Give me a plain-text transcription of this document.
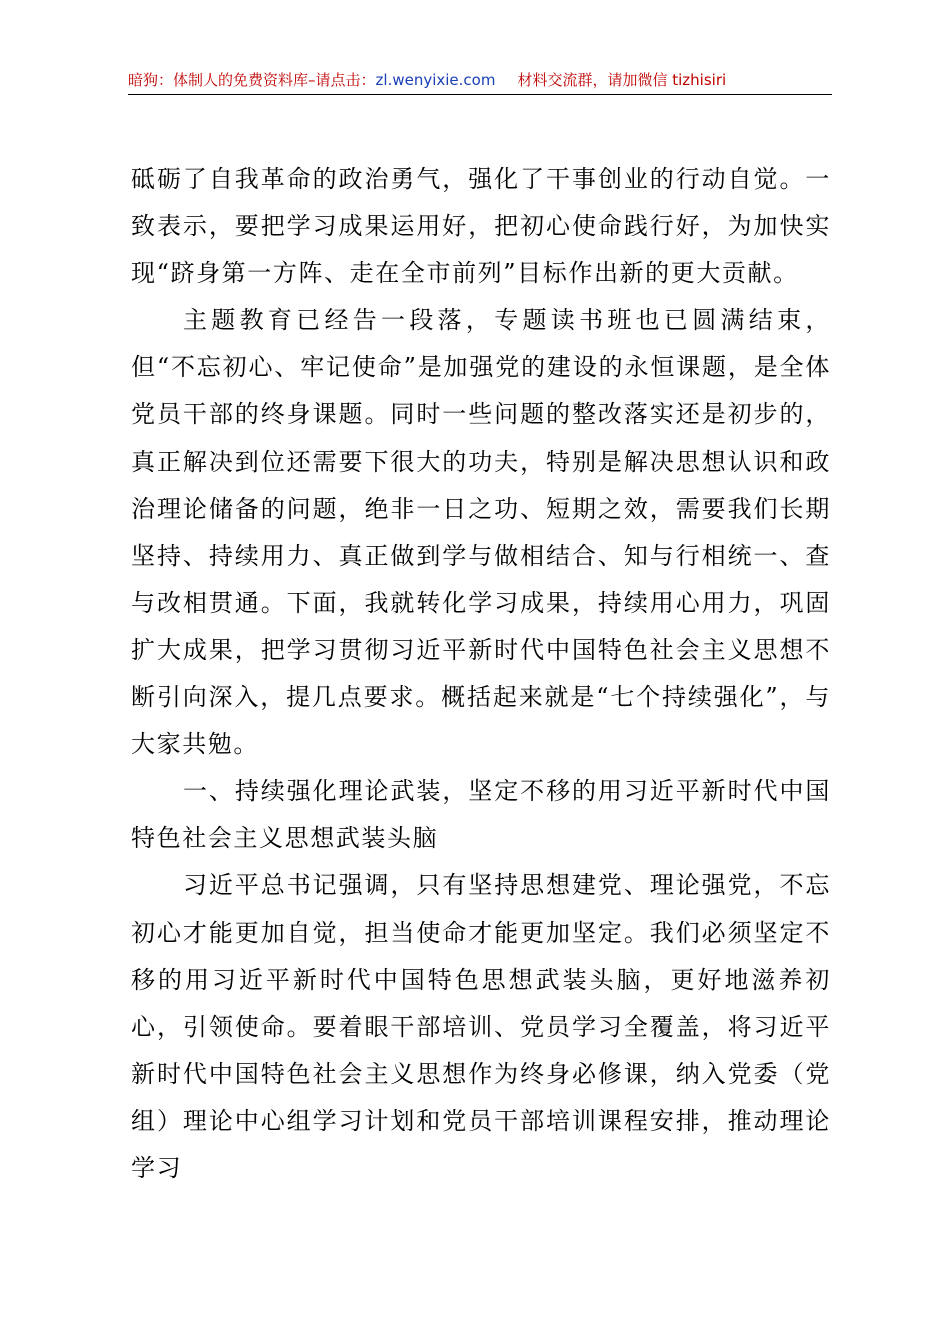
暗狗：体制人的免费资料库–请点击：zl.wenyixie.com 材料交流群，请加微信 tizhisiri

砥砺了自我革命的政治勇气，强化了干事创业的行动自觉。一致表示，要把学习成果运用好，把初心使命践行好，为加快实现“跻身第一方阵、走在全市前列”目标作出新的更大贡献。

主题教育已经告一段落，专题读书班也已圆满结束，但“不忘初心、牢记使命”是加强党的建设的永恒课题，是全体党员干部的终身课题。同时一些问题的整改落实还是初步的，真正解决到位还需要下很大的功夫，特别是解决思想认识和政治理论储备的问题，绝非一日之功、短期之效，需要我们长期坚持、持续用力、真正做到学与做相结合、知与行相统一、查与改相贯通。下面，我就转化学习成果，持续用心用力，巩固扩大成果，把学习贯彻习近平新时代中国特色社会主义思想不断引向深入，提几点要求。概括起来就是“七个持续强化”，与大家共勉。

一、持续强化理论武装，坚定不移的用习近平新时代中国特色社会主义思想武装头脑

习近平总书记强调，只有坚持思想建党、理论强党，不忘初心才能更加自觉，担当使命才能更加坚定。我们必须坚定不移的用习近平新时代中国特色思想武装头脑，更好地滋养初心，引领使命。要着眼干部培训、党员学习全覆盖，将习近平新时代中国特色社会主义思想作为终身必修课，纳入党委（党组）理论中心组学习计划和党员干部培训课程安排，推动理论学习
